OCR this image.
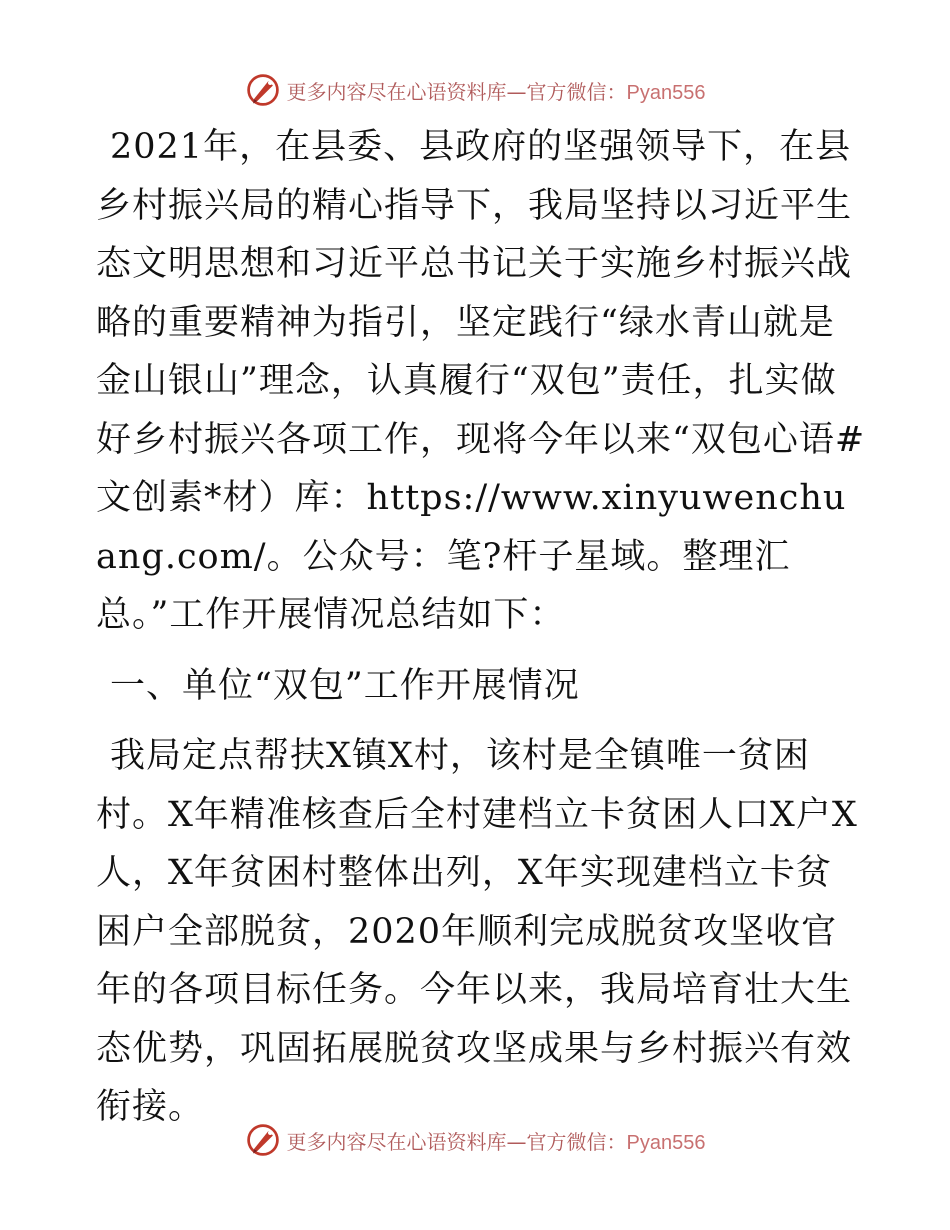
更多内容尽在心语资料库—官方微信：Pyan556

2021年，在县委、县政府的坚强领导下，在县乡村振兴局的精心指导下，我局坚持以习近平生态文明思想和习近平总书记关于实施乡村振兴战略的重要精神为指引，坚定践行“绿水青山就是金山银山”理念，认真履行“双包”责任，扎实做好乡村振兴各项工作，现将今年以来“双包心语#文创素*材）库：https://www.xinyuwenchuang.com/。公众号：笔?杆子星域。整理汇总。”工作开展情况总结如下：

一、单位“双包”工作开展情况

我局定点帮扶X镇X村，该村是全镇唯一贫困村。X年精准核查后全村建档立卡贫困人口X户X人，X年贫困村整体出列，X年实现建档立卡贫困户全部脱贫，2020年顺利完成脱贫攻坚收官年的各项目标任务。今年以来，我局培育壮大生态优势，巩固拓展脱贫攻坚成果与乡村振兴有效衔接。

更多内容尽在心语资料库—官方微信：Pyan556
